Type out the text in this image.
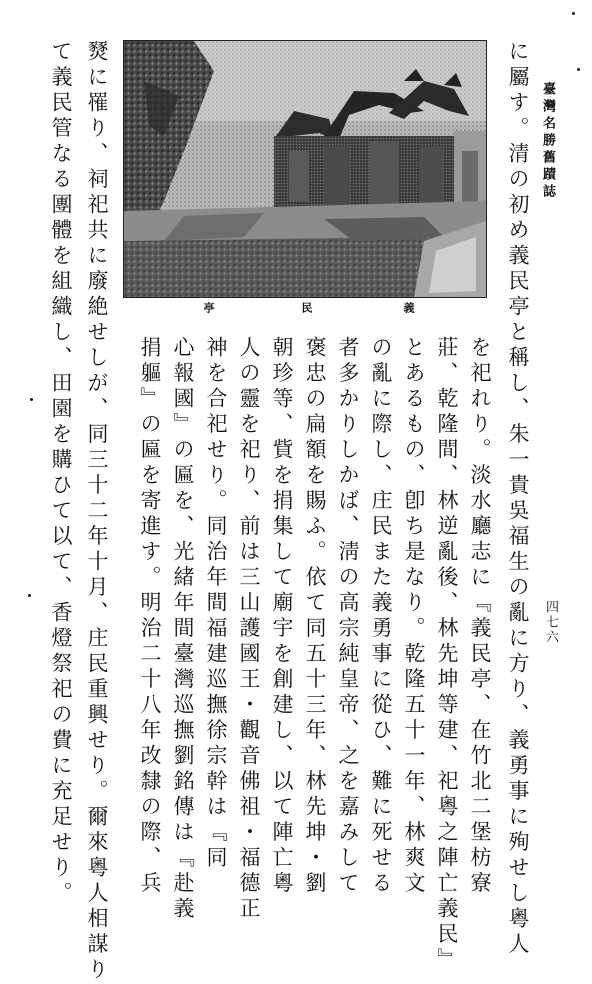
臺灣名勝舊蹟誌
四七六
義
民
亭	に屬す。清の初め義民亭と稱し、朱一貴吳福生の亂に方り、義勇事に殉せし粵人
を祀れり。淡水廳志に『義民亭、在竹北二堡枋寮
莊、乾隆間、林逆亂後、林先坤等建、祀粵之陣亡義民』
とあるもの、卽ち是なり。乾隆五十一年、林爽文
の亂に際し、庄民また義勇事に從ひ、難に死せる
者多かりしかば、淸の高宗純皇帝、之を嘉みして
褒忠の扁額を賜ふ。依て同五十三年、林先坤・劉
朝珍等、貲を捐集して廟宇を創建し、以て陣亡粵
人の靈を祀り、前は三山護國王・觀音佛祖・福德正
神を合祀せり。同治年間福建巡撫徐宗幹は『同
心報國』の匾を、光緒年間臺灣巡撫劉銘傳は『赴義
捐軀』の匾を寄進す。明治二十八年改隸の際、兵
燹に罹り、祠祀共に廢絶せしが、同三十二年十月、庄民重興せり。爾來粵人相謀り
て義民管なる團體を組織し、田園を購ひて以て、香燈祭祀の費に充足せり。
